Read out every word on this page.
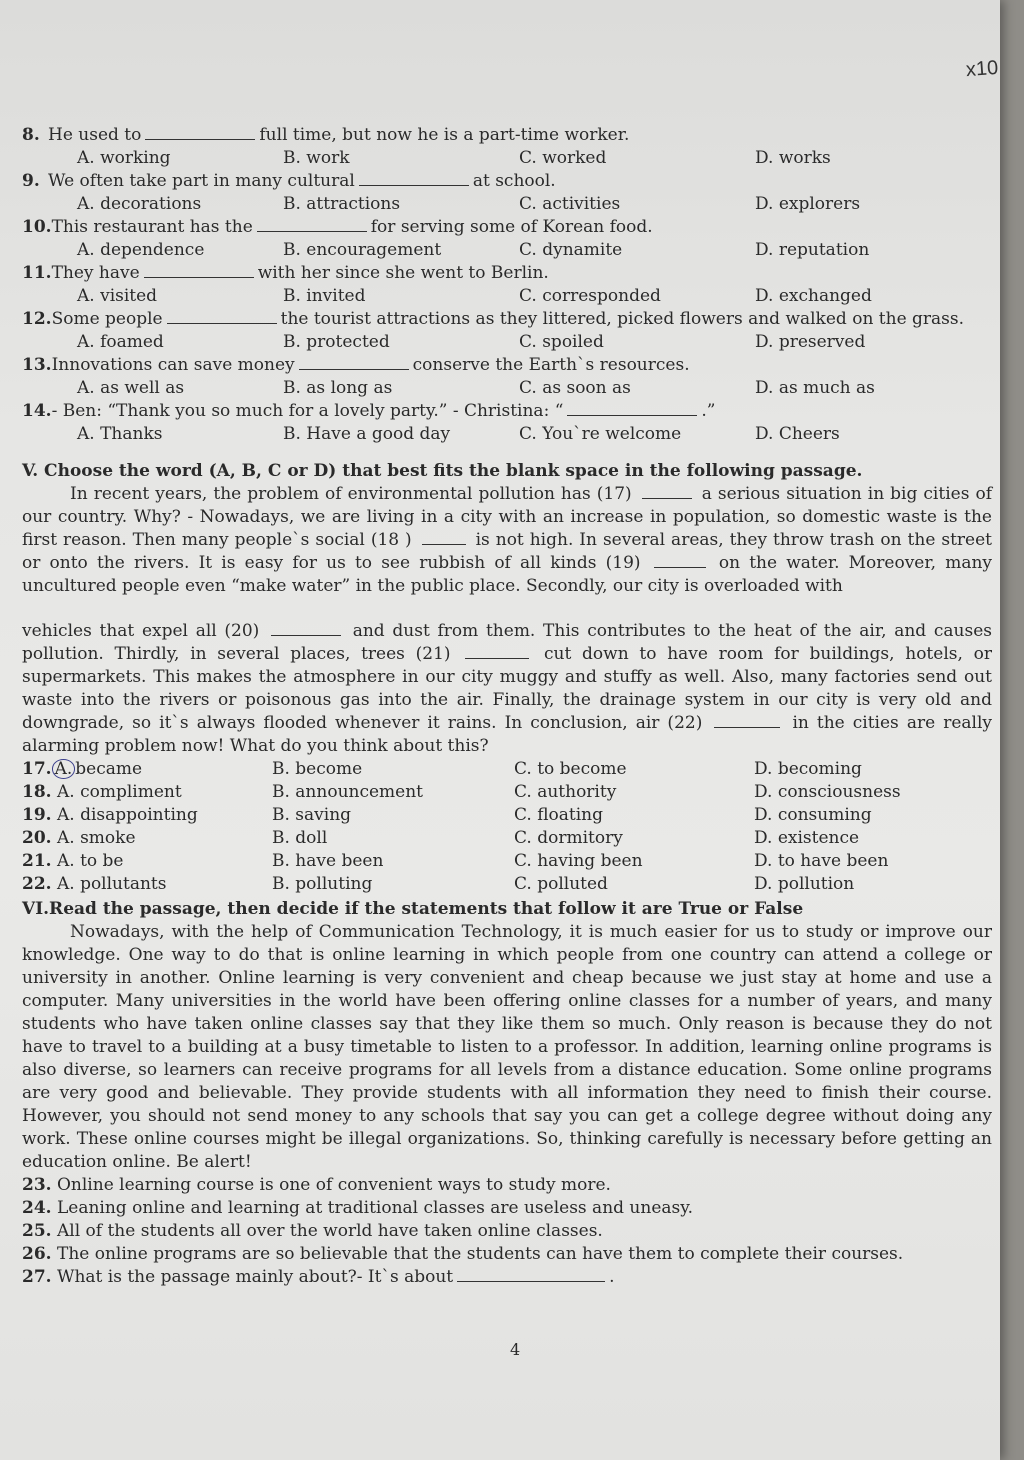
x10
8. He used to	full time, but now he is a part-time worker.
A. working	B. work	C. worked	D. works
9. We often take part in many cultural	at school.
A. decorations	B. attractions	C. activities	D. explorers
10. This restaurant has the	for serving some of Korean food.
A. dependence	B. encouragement	C. dynamite	D. reputation
11. They have	with her since she went to Berlin.
A. visited	B. invited	C. corresponded	D. exchanged
12. Some people	the tourist attractions as they littered, picked flowers and walked on the grass.
A. foamed	B. protected	C. spoiled	D. preserved
13. Innovations can save money	conserve the Earth`s resources.
A. as well as	B. as long as	C. as soon as	D. as much as
14. - Ben: “Thank you so much for a lovely party.” - Christina: “	.”
A. Thanks	B. Have a good day	C. You`re welcome	D. Cheers
V. Choose the word (A, B, C or D) that best fits the blank space in the following passage.

In recent years, the problem of environmental pollution has (17)	a serious situation in big cities of our country. Why? - Nowadays, we are living in a city with an increase in population, so domestic waste is the first reason. Then many people`s social (18 )	is not high. In several areas, they throw trash on the street or onto the rivers. It is easy for us to see rubbish of all kinds (19)	on the water. Moreover, many uncultured people even “make water” in the public place. Secondly, our city is overloaded with

vehicles that expel all (20)	and dust from them. This contributes to the heat of the air, and causes pollution. Thirdly, in several places, trees (21)	cut down to have room for buildings, hotels, or supermarkets. This makes the atmosphere in our city muggy and stuffy as well. Also, many factories send out waste into the rivers or poisonous gas into the air. Finally, the drainage system in our city is very old and downgrade, so it`s always flooded whenever it rains. In conclusion, air (22)	in the cities are really alarming problem now! What do you think about this?

17. A. became	B. become	C. to become	D. becoming
18. A. compliment	B. announcement	C. authority	D. consciousness
19. A. disappointing	B. saving	C. floating	D. consuming
20. A. smoke	B. doll	C. dormitory	D. existence
21. A. to be	B. have been	C. having been	D. to have been
22. A. pollutants	B. polluting	C. polluted	D. pollution
VI.Read the passage, then decide if the statements that follow it are True or False

Nowadays, with the help of Communication Technology, it is much easier for us to study or improve our knowledge. One way to do that is online learning in which people from one country can attend a college or university in another. Online learning is very convenient and cheap because we just stay at home and use a computer. Many universities in the world have been offering online classes for a number of years, and many students who have taken online classes say that they like them so much. Only reason is because they do not have to travel to a building at a busy timetable to listen to a professor. In addition, learning online programs is also diverse, so learners can receive programs for all levels from a distance education. Some online programs are very good and believable. They provide students with all information they need to finish their course. However, you should not send money to any schools that say you can get a college degree without doing any work. These online courses might be illegal organizations. So, thinking carefully is necessary before getting an education online. Be alert!

23. Online learning course is one of convenient ways to study more.
24. Leaning online and learning at traditional classes are useless and uneasy.
25. All of the students all over the world have taken online classes.
26. The online programs are so believable that the students can have them to complete their courses.
27. What is the passage mainly about?- It`s about	.
4
